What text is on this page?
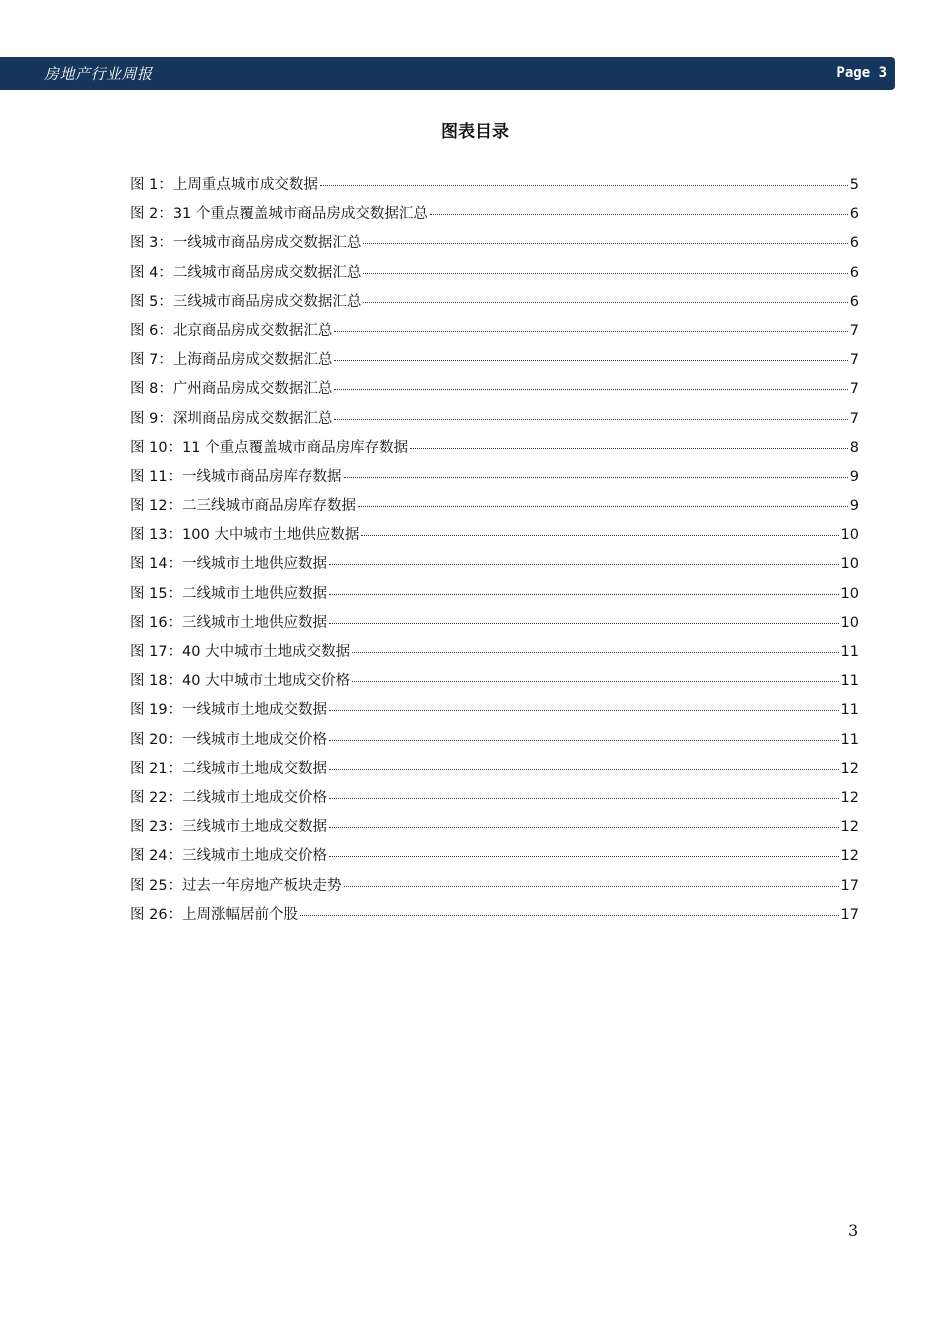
房地产行业周报	Page 3
图表目录
图 1：上周重点城市成交数据	5
图 2：31 个重点覆盖城市商品房成交数据汇总	6
图 3：一线城市商品房成交数据汇总	6
图 4：二线城市商品房成交数据汇总	6
图 5：三线城市商品房成交数据汇总	6
图 6：北京商品房成交数据汇总	7
图 7：上海商品房成交数据汇总	7
图 8：广州商品房成交数据汇总	7
图 9：深圳商品房成交数据汇总	7
图 10：11 个重点覆盖城市商品房库存数据	8
图 11：一线城市商品房库存数据	9
图 12：二三线城市商品房库存数据	9
图 13：100 大中城市土地供应数据	10
图 14：一线城市土地供应数据	10
图 15：二线城市土地供应数据	10
图 16：三线城市土地供应数据	10
图 17：40 大中城市土地成交数据	11
图 18：40 大中城市土地成交价格	11
图 19：一线城市土地成交数据	11
图 20：一线城市土地成交价格	11
图 21：二线城市土地成交数据	12
图 22：二线城市土地成交价格	12
图 23：三线城市土地成交数据	12
图 24：三线城市土地成交价格	12
图 25：过去一年房地产板块走势	17
图 26：上周涨幅居前个股	17
3
